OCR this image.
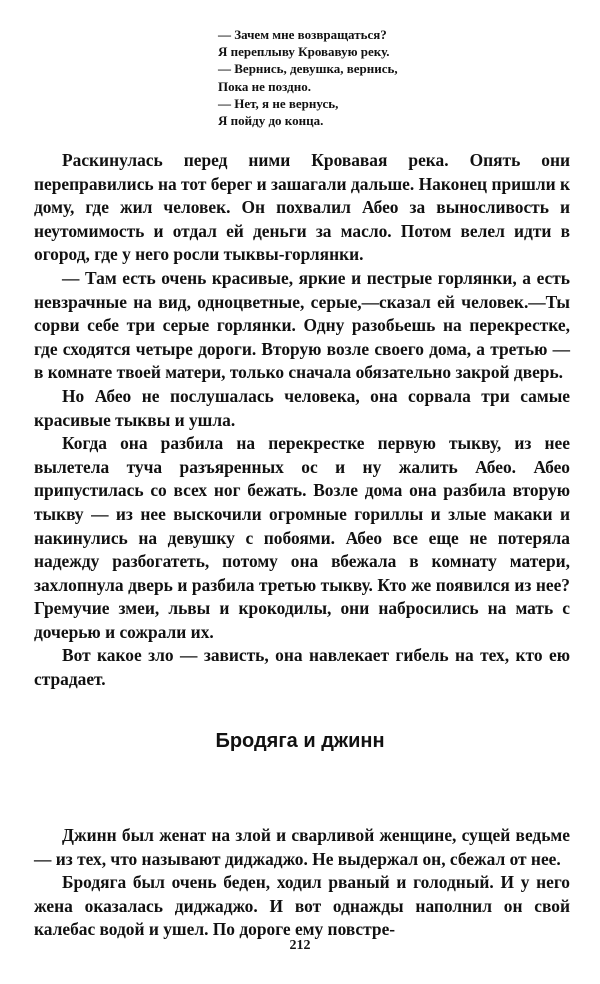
— Зачем мне возвращаться?
Я переплыву Кровавую реку.
— Вернись, девушка, вернись,
Пока не поздно.
— Нет, я не вернусь,
Я пойду до конца.

Раскинулась перед ними Кровавая река. Опять они переправились на тот берег и зашагали дальше. Наконец пришли к дому, где жил человек. Он похвалил Абео за выносливость и неутомимость и отдал ей деньги за масло. Потом велел идти в огород, где у него росли тыквы-горлянки.

— Там есть очень красивые, яркие и пестрые горлянки, а есть невзрачные на вид, одноцветные, серые,—сказал ей человек.—Ты сорви себе три серые горлянки. Одну разобьешь на перекрестке, где сходятся четыре дороги. Вторую возле своего дома, а третью — в комнате твоей матери, только сначала обязательно закрой дверь.

Но Абео не послушалась человека, она сорвала три самые красивые тыквы и ушла.

Когда она разбила на перекрестке первую тыкву, из нее вылетела туча разъяренных ос и ну жалить Абео. Абео припустилась со всех ног бежать. Возле дома она разбила вторую тыкву — из нее выскочили огромные гориллы и злые макаки и накинулись на девушку с побоями. Абео все еще не потеряла надежду разбогатеть, потому она вбежала в комнату матери, захлопнула дверь и разбила третью тыкву. Кто же появился из нее? Гремучие змеи, львы и крокодилы, они набросились на мать с дочерью и сожрали их.

Вот какое зло — зависть, она навлекает гибель на тех, кто ею страдает.

Бродяга и джинн

Джинн был женат на злой и сварливой женщине, сущей ведьме — из тех, что называют диджаджо. Не выдержал он, сбежал от нее.

Бродяга был очень беден, ходил рваный и голодный. И у него жена оказалась диджаджо. И вот однажды наполнил он свой калебас водой и ушел. По дороге ему повстре-

212
